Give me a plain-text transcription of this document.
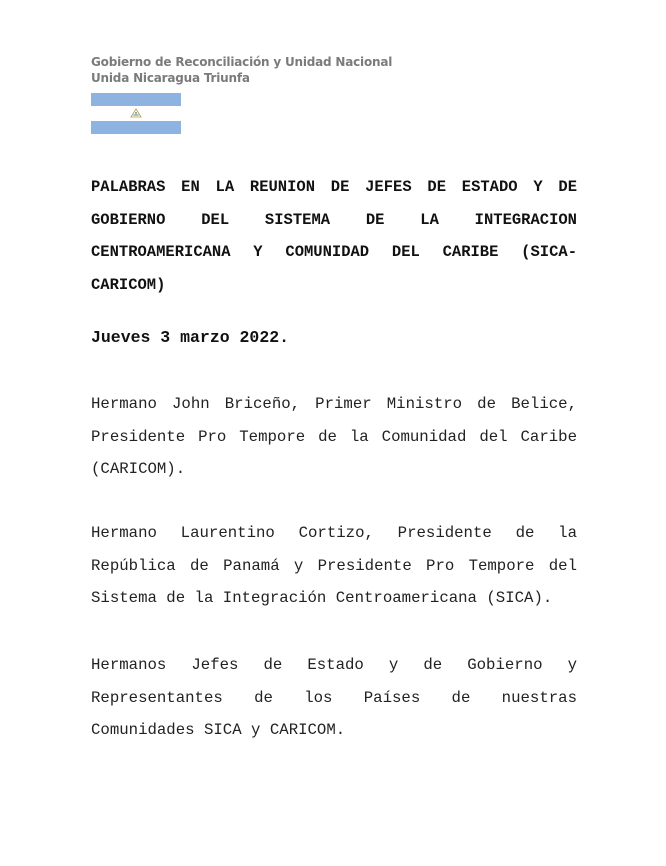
Gobierno de Reconciliación y Unidad Nacional
Unida Nicaragua Triunfa

PALABRAS EN LA REUNION DE JEFES DE ESTADO Y DE GOBIERNO DEL SISTEMA DE LA INTEGRACION CENTROAMERICANA Y COMUNIDAD DEL CARIBE (SICA-CARICOM)

Jueves 3 marzo 2022.

Hermano John Briceño, Primer Ministro de Belice, Presidente Pro Tempore de la Comunidad del Caribe (CARICOM).

Hermano Laurentino Cortizo, Presidente de la República de Panamá y Presidente Pro Tempore del Sistema de la Integración Centroamericana (SICA).

Hermanos Jefes de Estado y de Gobierno y Representantes de los Países de nuestras Comunidades SICA y CARICOM.
